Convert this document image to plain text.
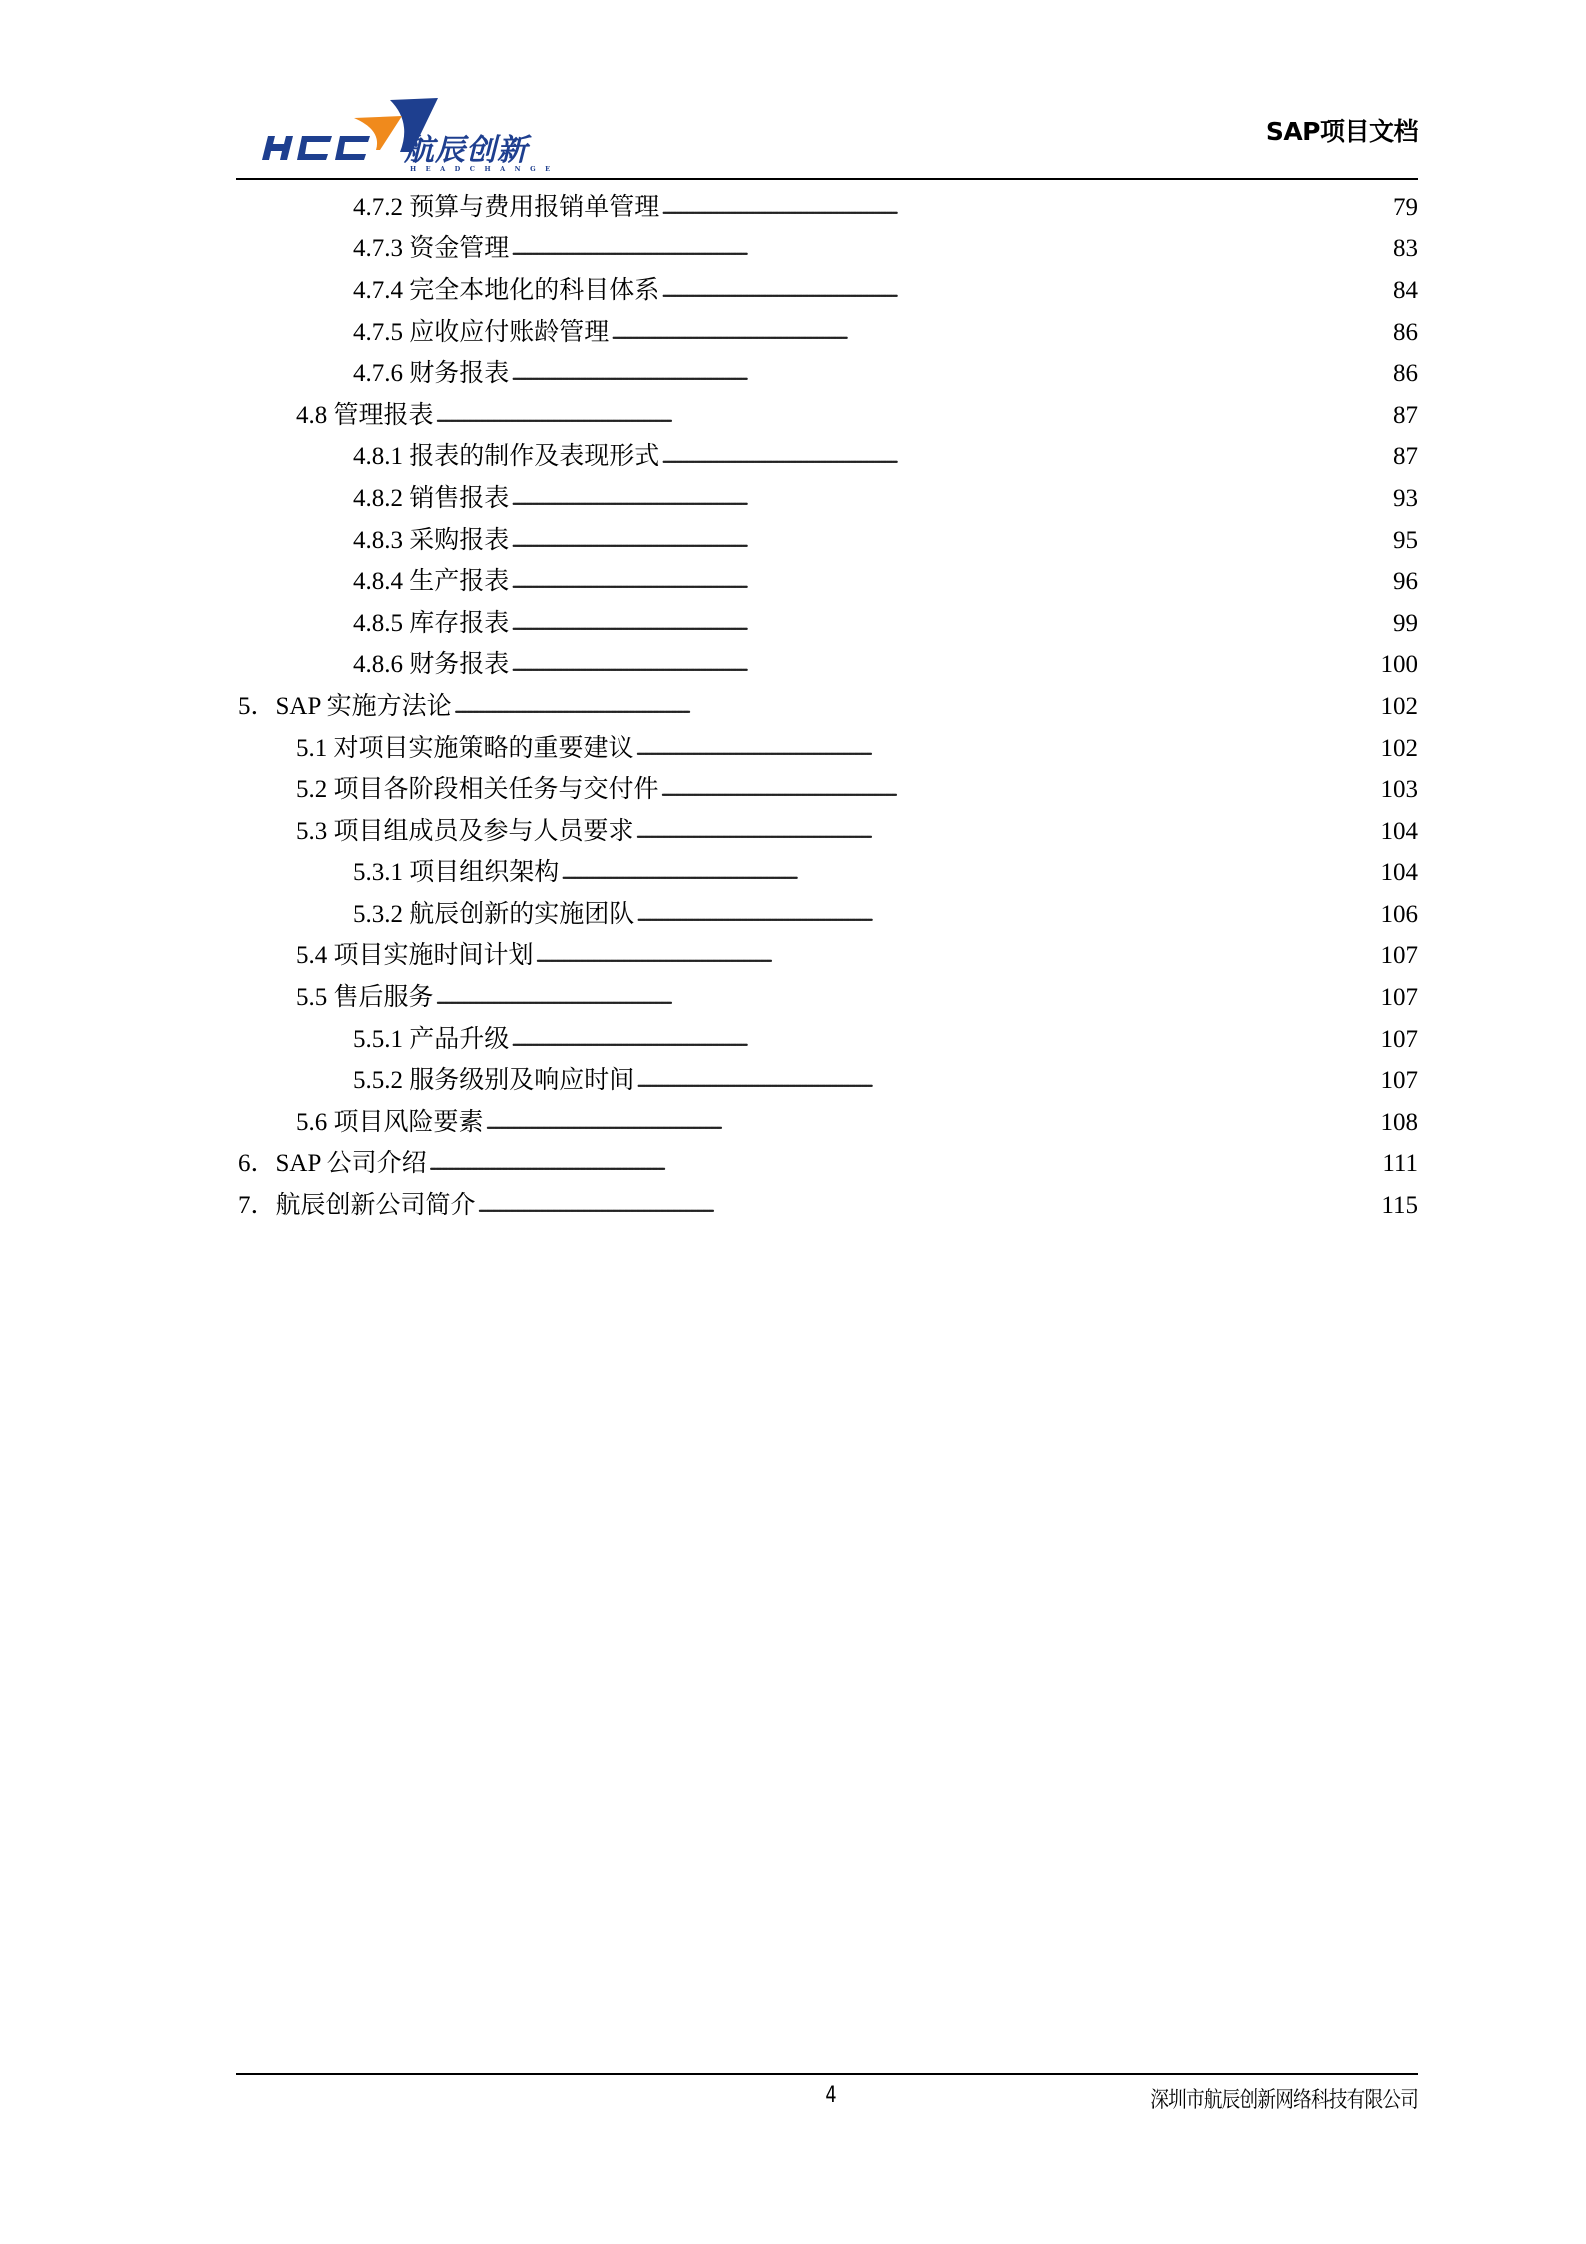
航辰创新
HEADCHANGE
SAP项目文档
4.7.2 预算与费用报销单管理 . . .	79
4.7.3 资金管理 . . .	83
4.7.4 完全本地化的科目体系 . . .	84
4.7.5 应收应付账龄管理 . . .	86
4.7.6 财务报表 . . .	86
4.8 管理报表 . . .	87
4.8.1 报表的制作及表现形式 . . .	87
4.8.2 销售报表 . . .	93
4.8.3 采购报表 . . .	95
4.8.4 生产报表 . . .	96
4.8.5 库存报表 . . .	99
4.8.6 财务报表 . . .	100
5．SAP 实施方法论 . . .	102
5.1 对项目实施策略的重要建议 . . .	102
5.2 项目各阶段相关任务与交付件 . . .	103
5.3 项目组成员及参与人员要求 . . .	104
5.3.1 项目组织架构 . . .	104
5.3.2 航辰创新的实施团队 . . .	106
5.4 项目实施时间计划 . . .	107
5.5 售后服务 . . .	107
5.5.1 产品升级 . . .	107
5.5.2 服务级别及响应时间 . . .	107
5.6 项目风险要素 . . .	108
6．SAP 公司介绍 . . .	111
7．航辰创新公司简介 . . .	115
4	深圳市航辰创新网络科技有限公司
